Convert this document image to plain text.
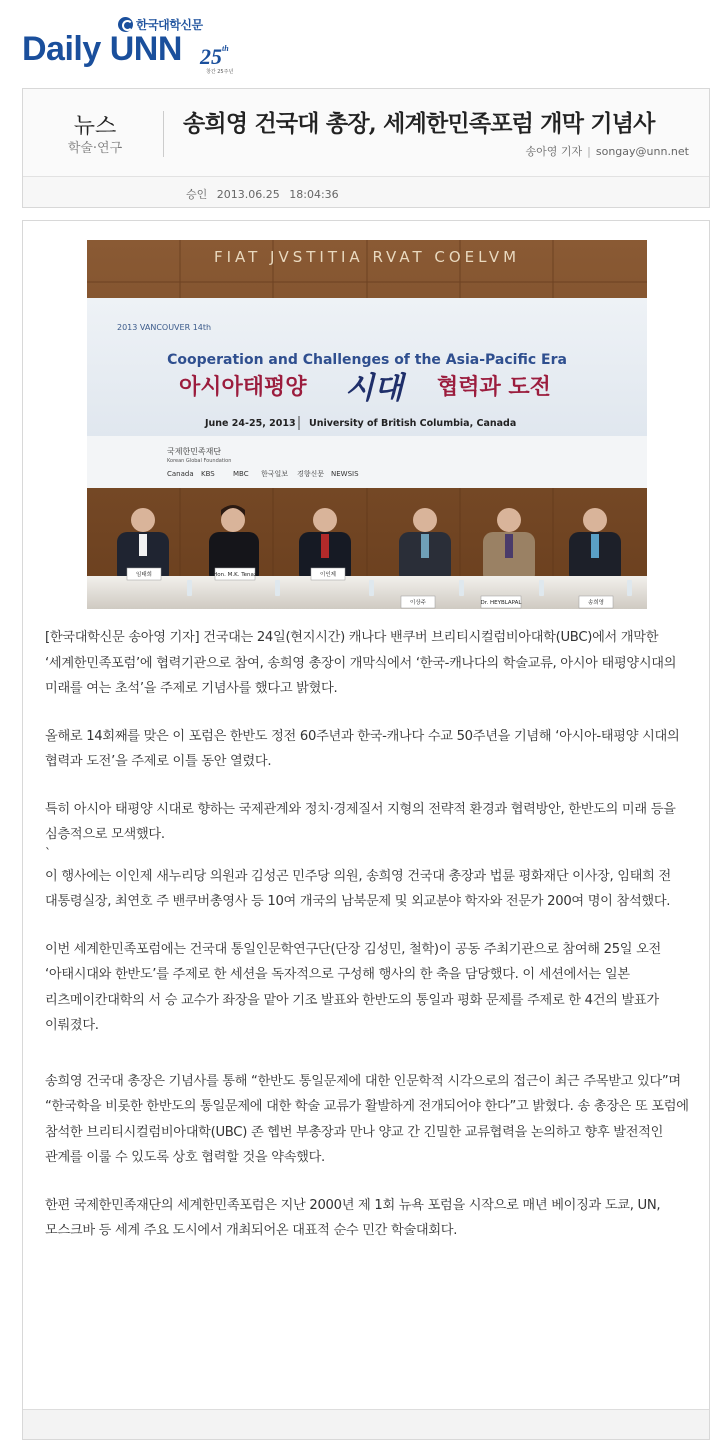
한국대학신문
Daily UNN 25th
창간 25주년
뉴스
학술·연구
송희영 건국대 총장, 세계한민족포럼 개막 기념사
송아영 기자 | songay@unn.net
승인 2013.06.25 18:04:36
FIAT JVSTITIA RVAT COELVM
2013 VANCOUVER 14th
Cooperation and Challenges of the Asia-Pacific Era
아시아태평양 시대 협력과 도전
June 24-25, 2013 University of British Columbia, Canada
국제한민족재단
Korean Global Foundation
Canada KBS	MBC 한국일보 경향신문 NEWSIS
임태희	Hon. M.K. Tenaz	이인제
이상주	Dr. HEYBLAPAL	송희영

[한국대학신문 송아영 기자] 건국대는 24일(현지시간) 캐나다 밴쿠버 브리티시컬럼비아대학(UBC)에서 개막한 ‘세계한민족포럼’에 협력기관으로 참여, 송희영 총장이 개막식에서 ‘한국-캐나다의 학술교류, 아시아 태평양시대의 미래를 여는 초석’을 주제로 기념사를 했다고 밝혔다.

올해로 14회째를 맞은 이 포럼은 한반도 정전 60주년과 한국-캐나다 수교 50주년을 기념해 ‘아시아-태평양 시대의 협력과 도전’을 주제로 이틀 동안 열렸다.

특히 아시아 태평양 시대로 향하는 국제관계와 정치·경제질서 지형의 전략적 환경과 협력방안, 한반도의 미래 등을 심층적으로 모색했다.

`

이 행사에는 이인제 새누리당 의원과 김성곤 민주당 의원, 송희영 건국대 총장과 법륜 평화재단 이사장, 임태희 전 대통령실장, 최연호 주 밴쿠버총영사 등 10여 개국의 남북문제 및 외교분야 학자와 전문가 200여 명이 참석했다.

이번 세계한민족포럼에는 건국대 통일인문학연구단(단장 김성민, 철학)이 공동 주최기관으로 참여해 25일 오전 ‘아태시대와 한반도’를 주제로 한 세션을 독자적으로 구성해 행사의 한 축을 담당했다. 이 세션에서는 일본 리츠메이칸대학의 서 승 교수가 좌장을 맡아 기조 발표와 한반도의 통일과 평화 문제를 주제로 한 4건의 발표가 이뤄졌다.

송희영 건국대 총장은 기념사를 통해 “한반도 통일문제에 대한 인문학적 시각으로의 접근이 최근 주목받고 있다”며 “한국학을 비롯한 한반도의 통일문제에 대한 학술 교류가 활발하게 전개되어야 한다”고 밝혔다. 송 총장은 또 포럼에 참석한 브리티시컬럼비아대학(UBC) 존 헵번 부총장과 만나 양교 간 긴밀한 교류협력을 논의하고 향후 발전적인 관계를 이룰 수 있도록 상호 협력할 것을 약속했다.

한편 국제한민족재단의 세계한민족포럼은 지난 2000년 제 1회 뉴욕 포럼을 시작으로 매년 베이징과 도쿄, UN, 모스크바 등 세계 주요 도시에서 개최되어온 대표적 순수 민간 학술대회다.
